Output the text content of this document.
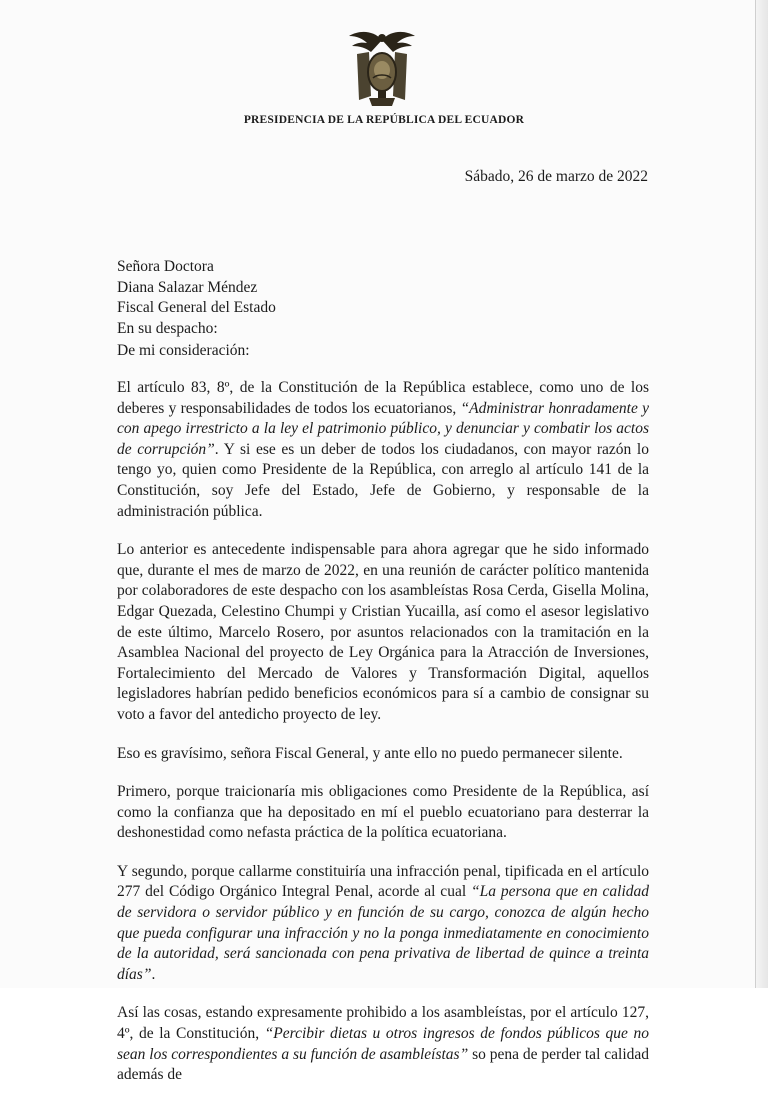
PRESIDENCIA DE LA REPÚBLICA DEL ECUADOR
Sábado, 26 de marzo de 2022
Señora Doctora
Diana Salazar Méndez
Fiscal General del Estado
En su despacho:
De mi consideración:

El artículo 83, 8º, de la Constitución de la República establece, como uno de los deberes y responsabilidades de todos los ecuatorianos, “Administrar honradamente y con apego irrestricto a la ley el patrimonio público, y denunciar y combatir los actos de corrupción”. Y si ese es un deber de todos los ciudadanos, con mayor razón lo tengo yo, quien como Presidente de la República, con arreglo al artículo 141 de la Constitución, soy Jefe del Estado, Jefe de Gobierno, y responsable de la administración pública.

Lo anterior es antecedente indispensable para ahora agregar que he sido informado que, durante el mes de marzo de 2022, en una reunión de carácter político mantenida por colaboradores de este despacho con los asambleístas Rosa Cerda, Gisella Molina, Edgar Quezada, Celestino Chumpi y Cristian Yucailla, así como el asesor legislativo de este último, Marcelo Rosero, por asuntos relacionados con la tramitación en la Asamblea Nacional del proyecto de Ley Orgánica para la Atracción de Inversiones, Fortalecimiento del Mercado de Valores y Transformación Digital, aquellos legisladores habrían pedido beneficios económicos para sí a cambio de consignar su voto a favor del antedicho proyecto de ley.

Eso es gravísimo, señora Fiscal General, y ante ello no puedo permanecer silente.

Primero, porque traicionaría mis obligaciones como Presidente de la República, así como la confianza que ha depositado en mí el pueblo ecuatoriano para desterrar la deshonestidad como nefasta práctica de la política ecuatoriana.

Y segundo, porque callarme constituiría una infracción penal, tipificada en el artículo 277 del Código Orgánico Integral Penal, acorde al cual “La persona que en calidad de servidora o servidor público y en función de su cargo, conozca de algún hecho que pueda configurar una infracción y no la ponga inmediatamente en conocimiento de la autoridad, será sancionada con pena privativa de libertad de quince a treinta días”.

Así las cosas, estando expresamente prohibido a los asambleístas, por el artículo 127, 4º, de la Constitución, “Percibir dietas u otros ingresos de fondos públicos que no sean los correspondientes a su función de asambleístas” so pena de perder tal calidad además de
